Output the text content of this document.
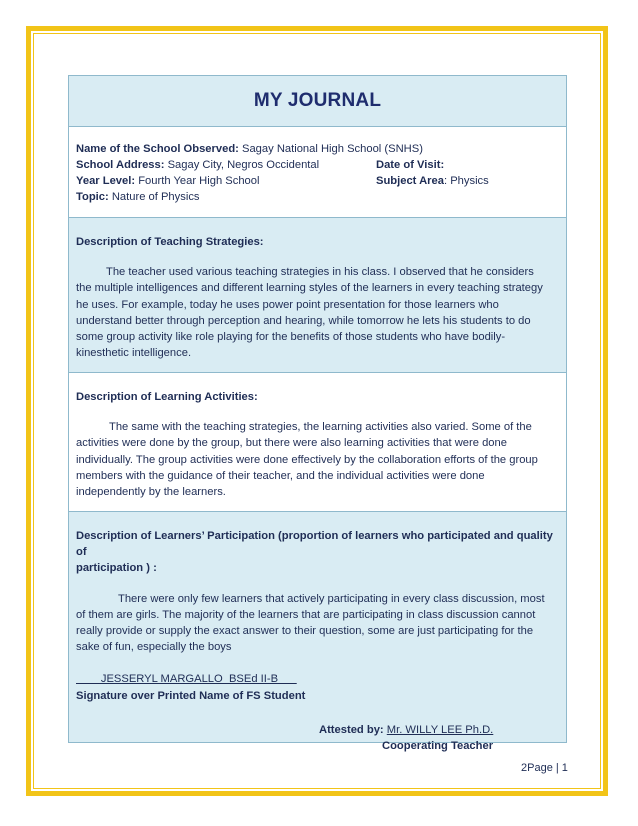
MY JOURNAL
Name of the School Observed: Sagay National High School (SNHS)
School Address: Sagay City, Negros Occidental	Date of Visit:
Year Level: Fourth Year High School	Subject Area: Physics
Topic: Nature of Physics
Description of Teaching Strategies:

The teacher used various teaching strategies in his class. I observed that he considers

the multiple intelligences and different learning styles of the learners in every teaching strategy

he uses. For example, today he uses power point presentation for those learners who

understand better through perception and hearing, while tomorrow he lets his students to do

some group activity like role playing for the benefits of those students who have bodily-

kinesthetic intelligence.

Description of Learning Activities:

The same with the teaching strategies, the learning activities also varied. Some of the

activities were done by the group, but there were also learning activities that were done

individually. The group activities were done effectively by the collaboration efforts of the group

members with the guidance of their teacher, and the individual activities were done

independently by the learners.

Description of Learners’ Participation (proportion of learners who participated and quality of
participation ) :

There were only few learners that actively participating in every class discussion, most

of them are girls. The majority of the learners that are participating in class discussion cannot

really provide or supply the exact answer to their question, some are just participating for the

sake of fun, especially the boys

JESSERYL MARGALLO  BSEd II-B
Signature over Printed Name of FS Student
Attested by: Mr. WILLY LEE Ph.D.
Cooperating Teacher
2Page | 1
